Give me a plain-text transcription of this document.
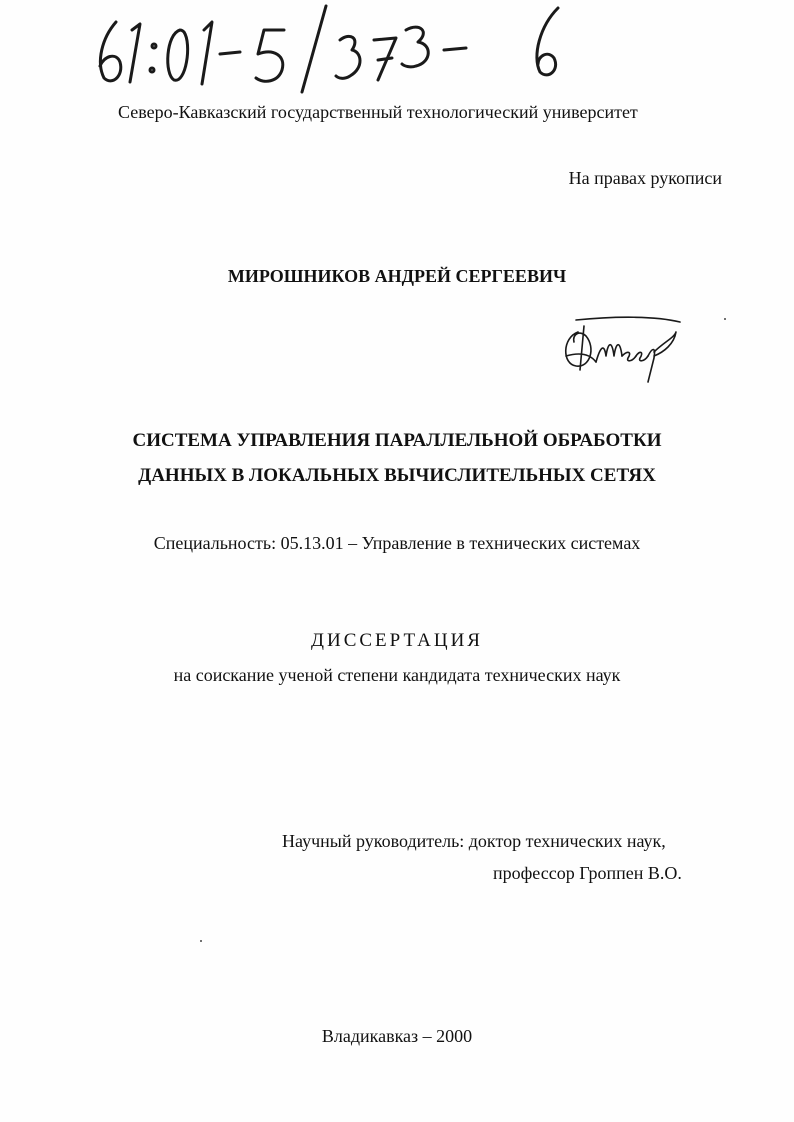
Северо-Кавказский государственный технологический университет
На правах рукописи
МИРОШНИКОВ АНДРЕЙ СЕРГЕЕВИЧ
СИСТЕМА УПРАВЛЕНИЯ ПАРАЛЛЕЛЬНОЙ ОБРАБОТКИ
ДАННЫХ В ЛОКАЛЬНЫХ ВЫЧИСЛИТЕЛЬНЫХ СЕТЯХ
Специальность: 05.13.01 – Управление в технических системах
ДИССЕРТАЦИЯ
на соискание ученой степени кандидата технических наук
Научный руководитель: доктор технических наук,
профессор Гроппен В.О.
Владикавказ – 2000
